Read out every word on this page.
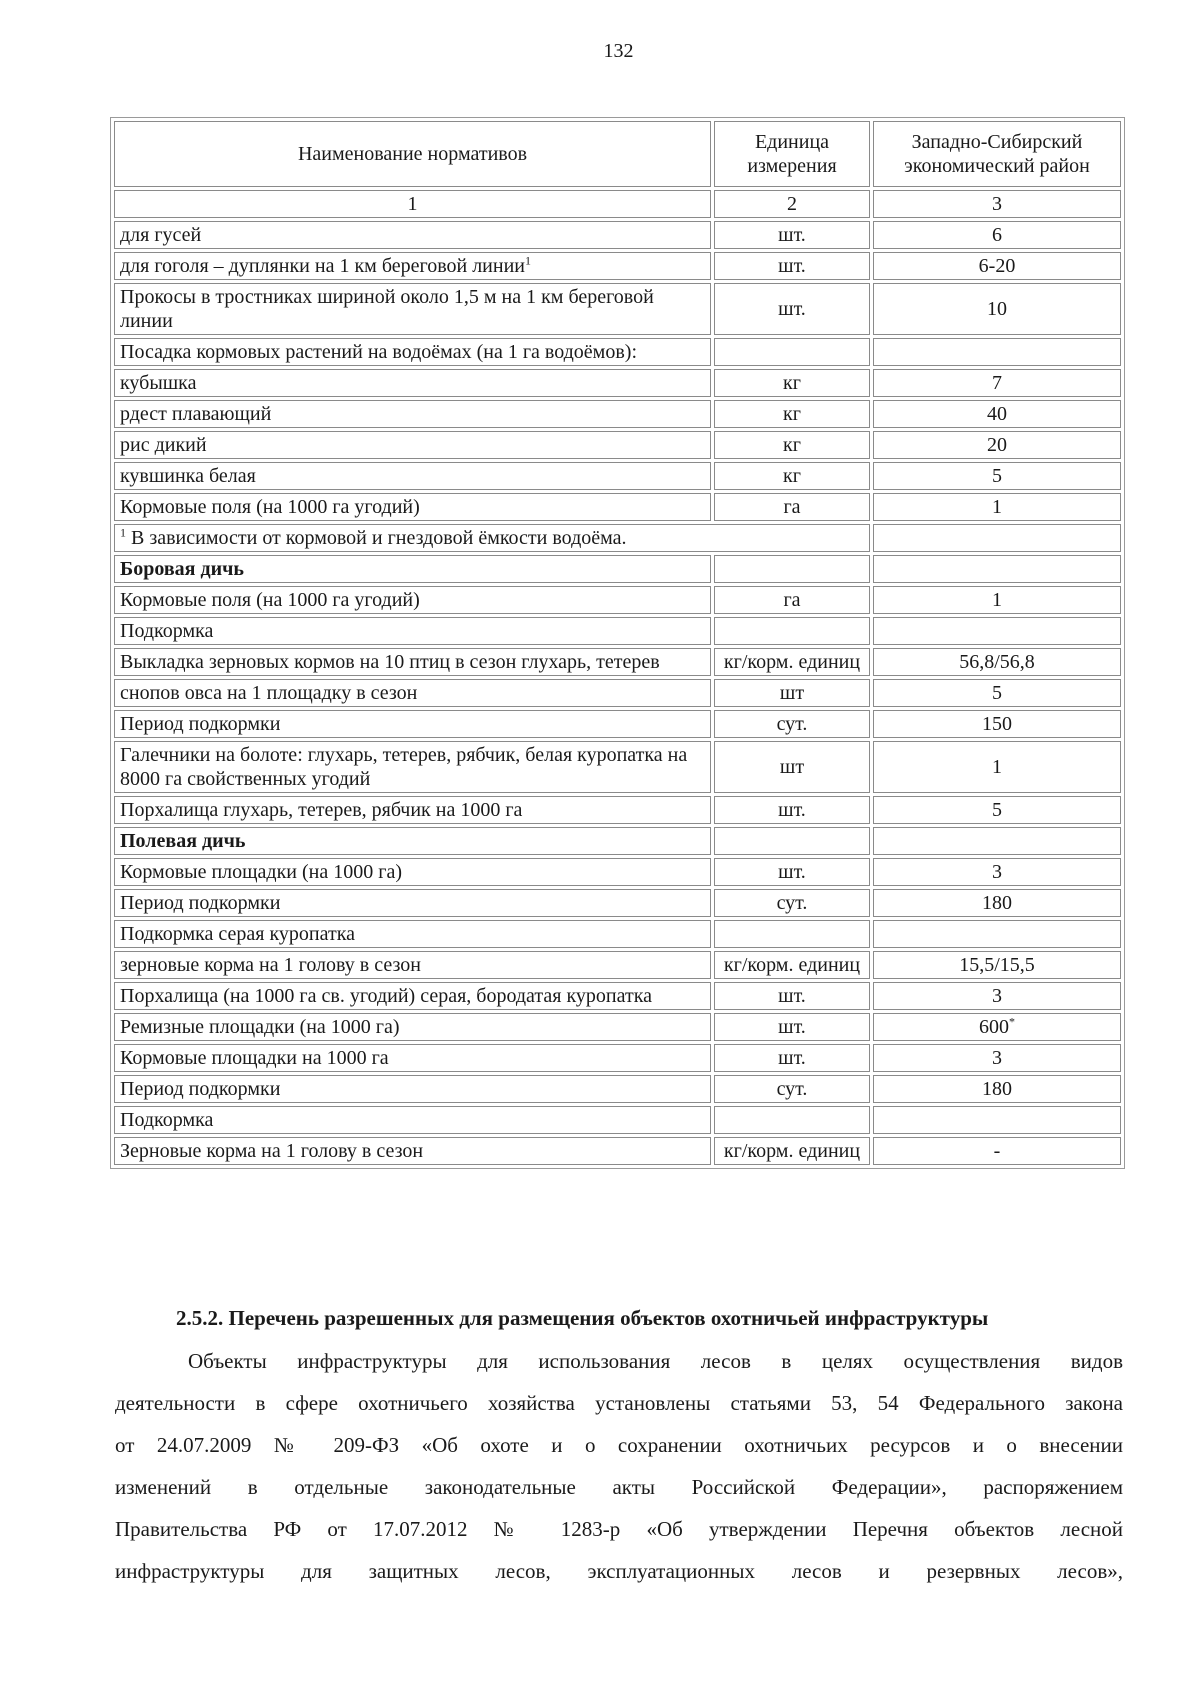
132
Наименование нормативов	Единица измерения	Западно-Сибирский экономический район
1	2	3
для гусей	шт.	6
для гоголя – дуплянки на 1 км береговой линии$^1$	шт.	6-20
Прокосы в тростниках шириной около 1,5 м на 1 км береговой линии	шт.	10
Посадка кормовых растений на водоёмах (на 1 га водоёмов):		
кубышка	кг	7
рдест плавающий	кг	40
рис дикий	кг	20
кувшинка белая	кг	5
Кормовые поля (на 1000 га угодий)	га	1
$^1$ В зависимости от кормовой и гнездовой ёмкости водоёма.		
Боровая дичь		
Кормовые поля (на 1000 га угодий)	га	1
Подкормка		
Выкладка зерновых кормов на 10 птиц в сезон глухарь, тетерев	кг/корм. единиц	56,8/56,8
снопов овса на 1 площадку в сезон	шт	5
Период подкормки	сут.	150
Галечники на болоте: глухарь, тетерев, рябчик, белая куропатка на 8000 га свойственных угодий	шт	1
Порхалища глухарь, тетерев, рябчик на 1000 га	шт.	5
Полевая дичь		
Кормовые площадки (на 1000 га)	шт.	3
Период подкормки	сут.	180
Подкормка серая куропатка		
зерновые корма на 1 голову в сезон	кг/корм. единиц	15,5/15,5
Порхалища (на 1000 га св. угодий) серая, бородатая куропатка	шт.	3
Ремизные площадки (на 1000 га)	шт.	600*
Кормовые площадки на 1000 га	шт.	3
Период подкормки	сут.	180
Подкормка		
Зерновые корма на 1 голову в сезон	кг/корм. единиц	-
2.5.2. Перечень разрешенных для размещения объектов охотничьей инфраструктуры
Объекты инфраструктуры для использования лесов в целях осуществления видов
деятельности в сфере охотничьего хозяйства установлены статьями 53, 54 Федерального закона
от 24.07.2009 № 209-ФЗ «Об охоте и о сохранении охотничьих ресурсов и о внесении
изменений в отдельные законодательные акты Российской Федерации», распоряжением
Правительства РФ от 17.07.2012 № 1283-р «Об утверждении Перечня объектов лесной
инфраструктуры для защитных лесов, эксплуатационных лесов и резервных лесов»,
